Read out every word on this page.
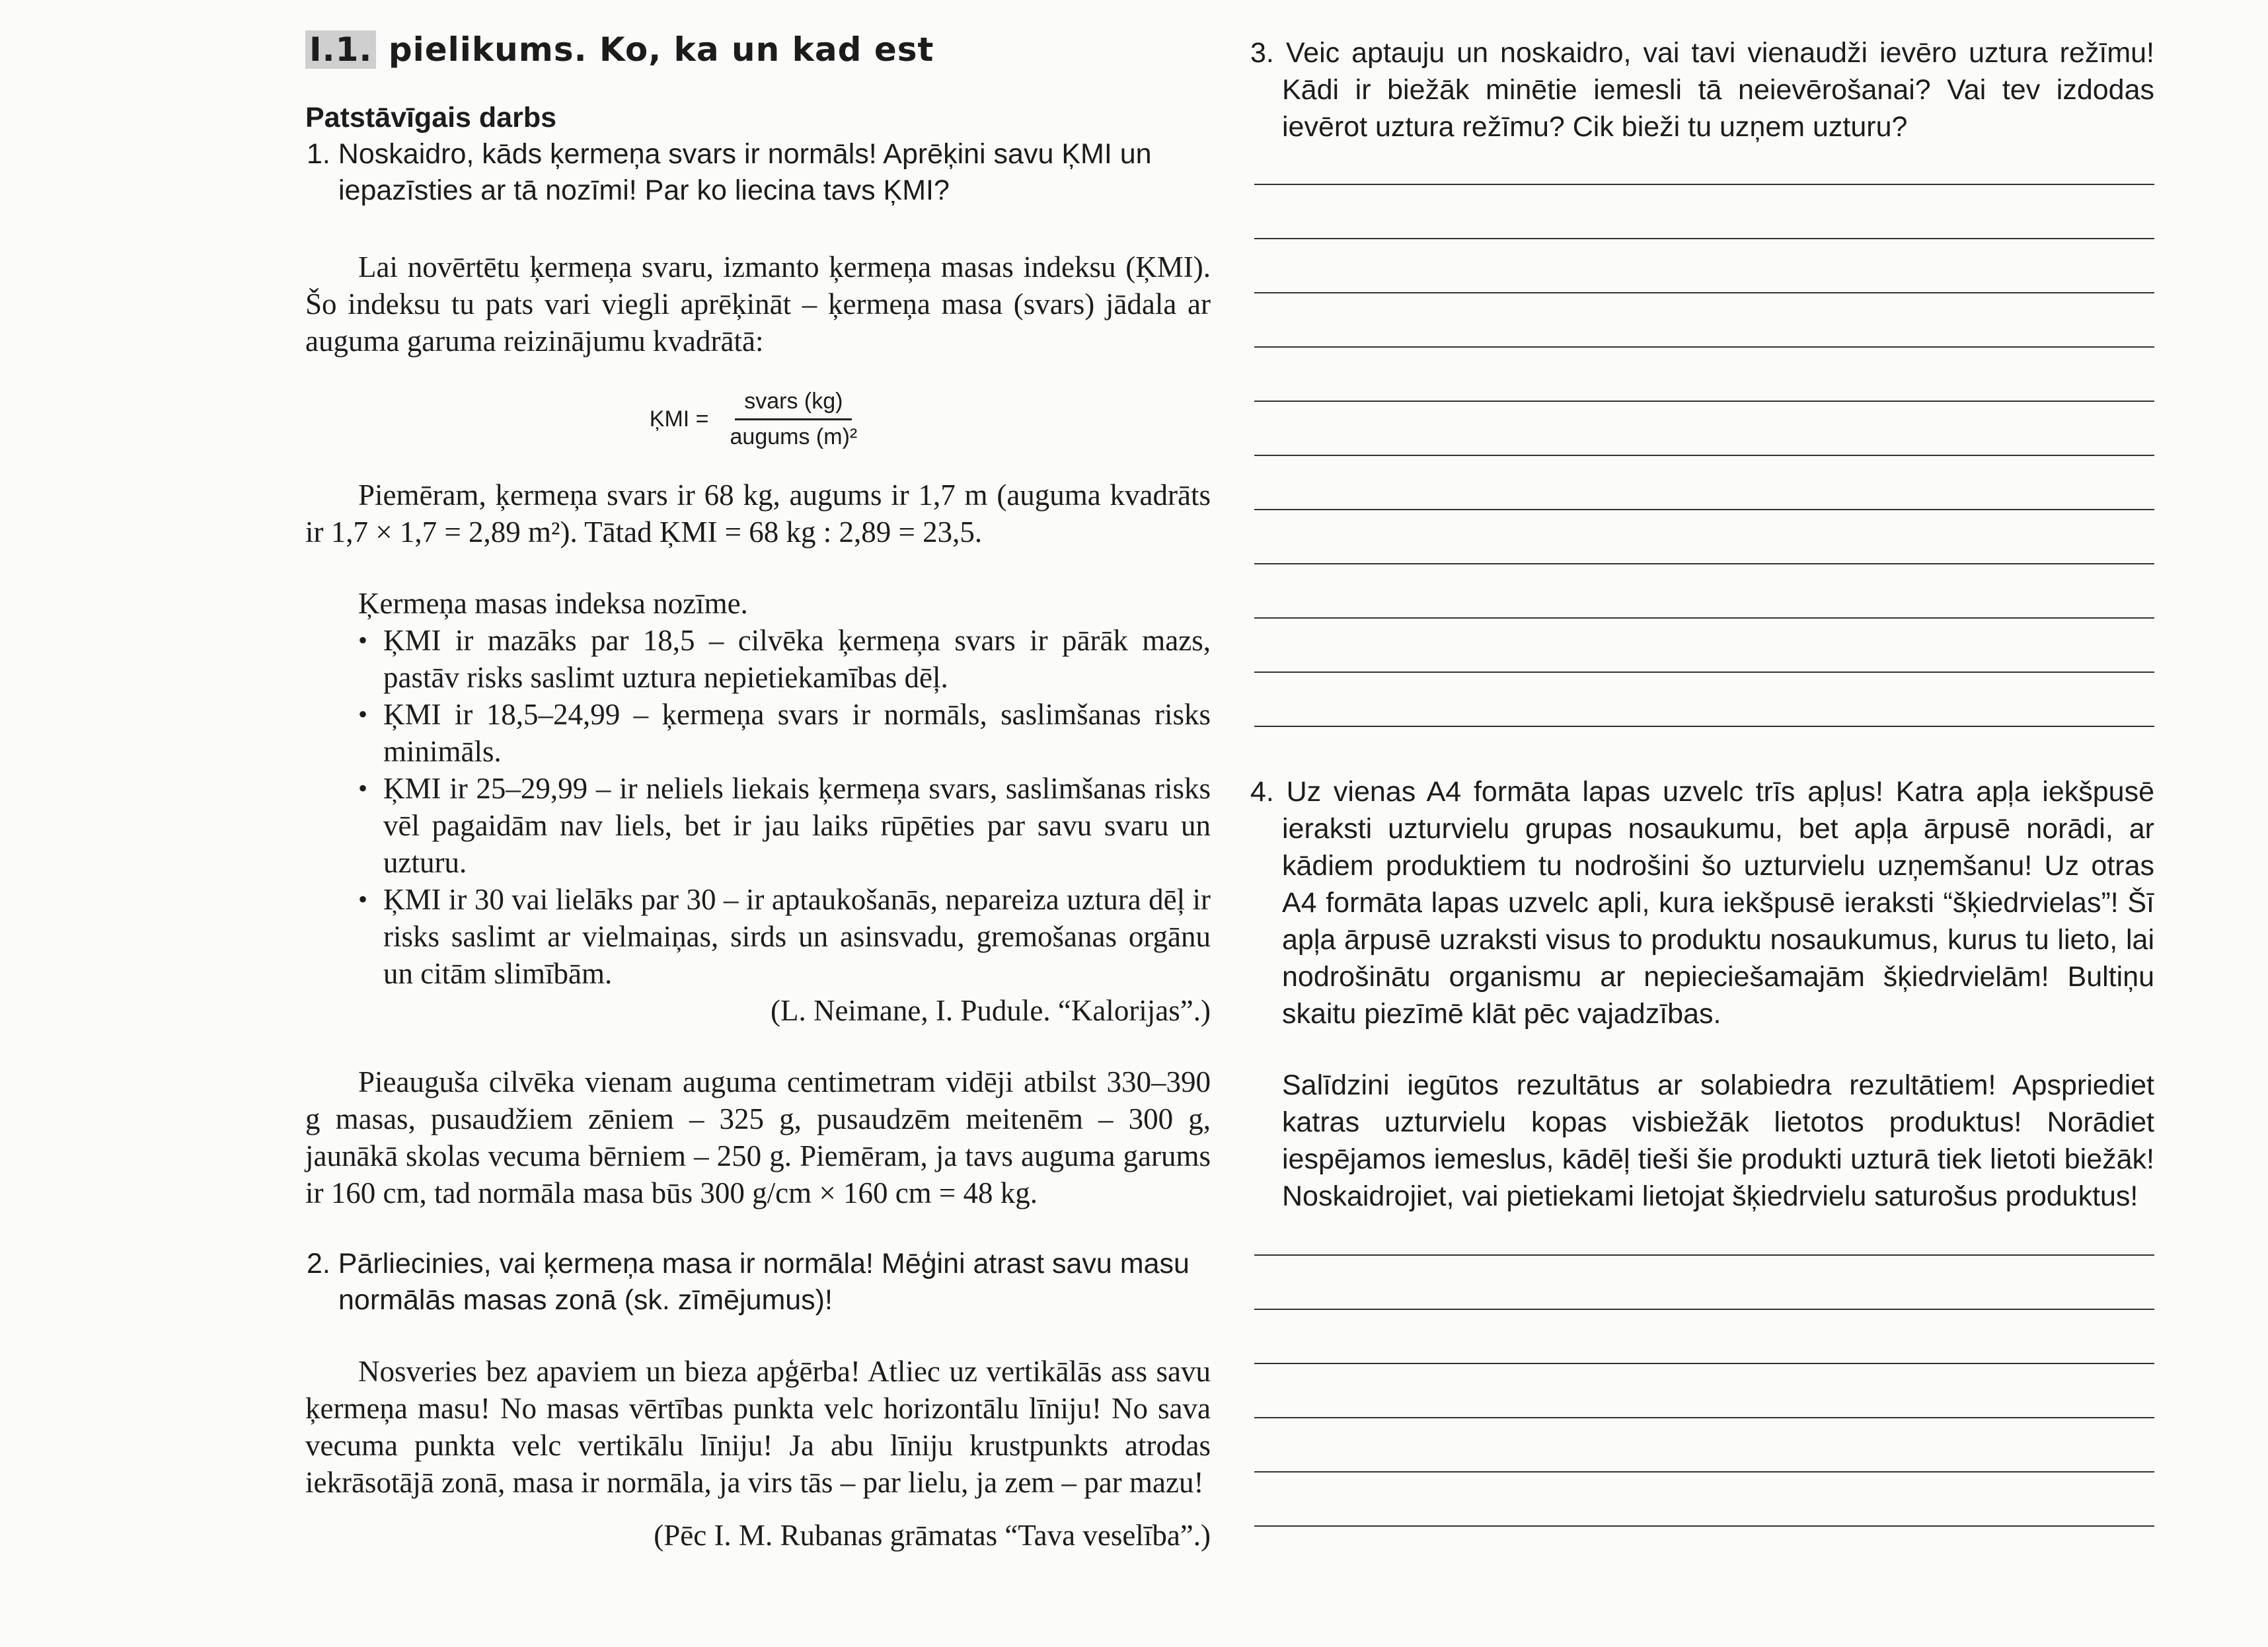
I.1. pielikums. Ko, ka un kad est

Patstāvīgais darbs

1. Noskaidro, kāds ķermeņa svars ir normāls! Aprēķini savu ĶMI un iepazīsties ar tā nozīmi! Par ko liecina tavs ĶMI?

Lai novērtētu ķermeņa svaru, izmanto ķermeņa masas indeksu (ĶMI). Šo indeksu tu pats vari viegli aprēķināt – ķermeņa masa (svars) jādala ar auguma garuma reizinājumu kvadrātā:

ĶMI = $\frac{\text{svars (kg)}}{\text{augums (m)²}}$

Piemēram, ķermeņa svars ir 68 kg, augums ir 1,7 m (auguma kvadrāts ir 1,7 × 1,7 = 2,89 m²). Tātad ĶMI = 68 kg : 2,89 = 23,5.

Ķermeņa masas indeksa nozīme.

• ĶMI ir mazāks par 18,5 – cilvēka ķermeņa svars ir pārāk mazs, pastāv risks saslimt uztura nepietiekamības dēļ.
• ĶMI ir 18,5–24,99 – ķermeņa svars ir normāls, saslimšanas risks minimāls.
• ĶMI ir 25–29,99 – ir neliels liekais ķermeņa svars, saslimšanas risks vēl pagaidām nav liels, bet ir jau laiks rūpēties par savu svaru un uzturu.
• ĶMI ir 30 vai lielāks par 30 – ir aptaukošanās, nepareiza uztura dēļ ir risks saslimt ar vielmaiņas, sirds un asinsvadu, gremošanas orgānu un citām slimībām.

(L. Neimane, I. Pudule. “Kalorijas”.)

Pieauguša cilvēka vienam auguma centimetram vidēji atbilst 330–390 g masas, pusaudžiem zēniem – 325 g, pusaudzēm meitenēm – 300 g, jaunākā skolas vecuma bērniem – 250 g. Piemēram, ja tavs auguma garums ir 160 cm, tad normāla masa būs 300 g/cm × 160 cm = 48 kg.

2. Pārliecinies, vai ķermeņa masa ir normāla! Mēģini atrast savu masu normālās masas zonā (sk. zīmējumus)!

Nosveries bez apaviem un bieza apģērba! Atliec uz vertikālās ass savu ķermeņa masu! No masas vērtības punkta velc horizontālu līniju! No sava vecuma punkta velc vertikālu līniju! Ja abu līniju krustpunkts atrodas iekrāsotājā zonā, masa ir normāla, ja virs tās – par lielu, ja zem – par mazu!

(Pēc I. M. Rubanas grāmatas “Tava veselība”.)

3. Veic aptauju un noskaidro, vai tavi vienaudži ievēro uztura režīmu! Kādi ir biežāk minētie iemesli tā neievērošanai? Vai tev izdodas ievērot uztura režīmu? Cik bieži tu uzņem uzturu?

4. Uz vienas A4 formāta lapas uzvelc trīs apļus! Katra apļa iekšpusē ieraksti uzturvielu grupas nosaukumu, bet apļa ārpusē norādi, ar kādiem produktiem tu nodrošini šo uzturvielu uzņemšanu! Uz otras A4 formāta lapas uzvelc apli, kura iekšpusē ieraksti “šķiedrvielas”! Šī apļa ārpusē uzraksti visus to produktu nosaukumus, kurus tu lieto, lai nodrošinātu organismu ar nepieciešamajām šķiedrvielām! Bultiņu skaitu piezīmē klāt pēc vajadzības.

Salīdzini iegūtos rezultātus ar solabiedra rezultātiem! Apspriediet katras uzturvielu kopas visbiežāk lietotos produktus! Norādiet iespējamos iemeslus, kādēļ tieši šie produkti uzturā tiek lietoti biežāk! Noskaidrojiet, vai pietiekami lietojat šķiedrvielu saturošus produktus!
